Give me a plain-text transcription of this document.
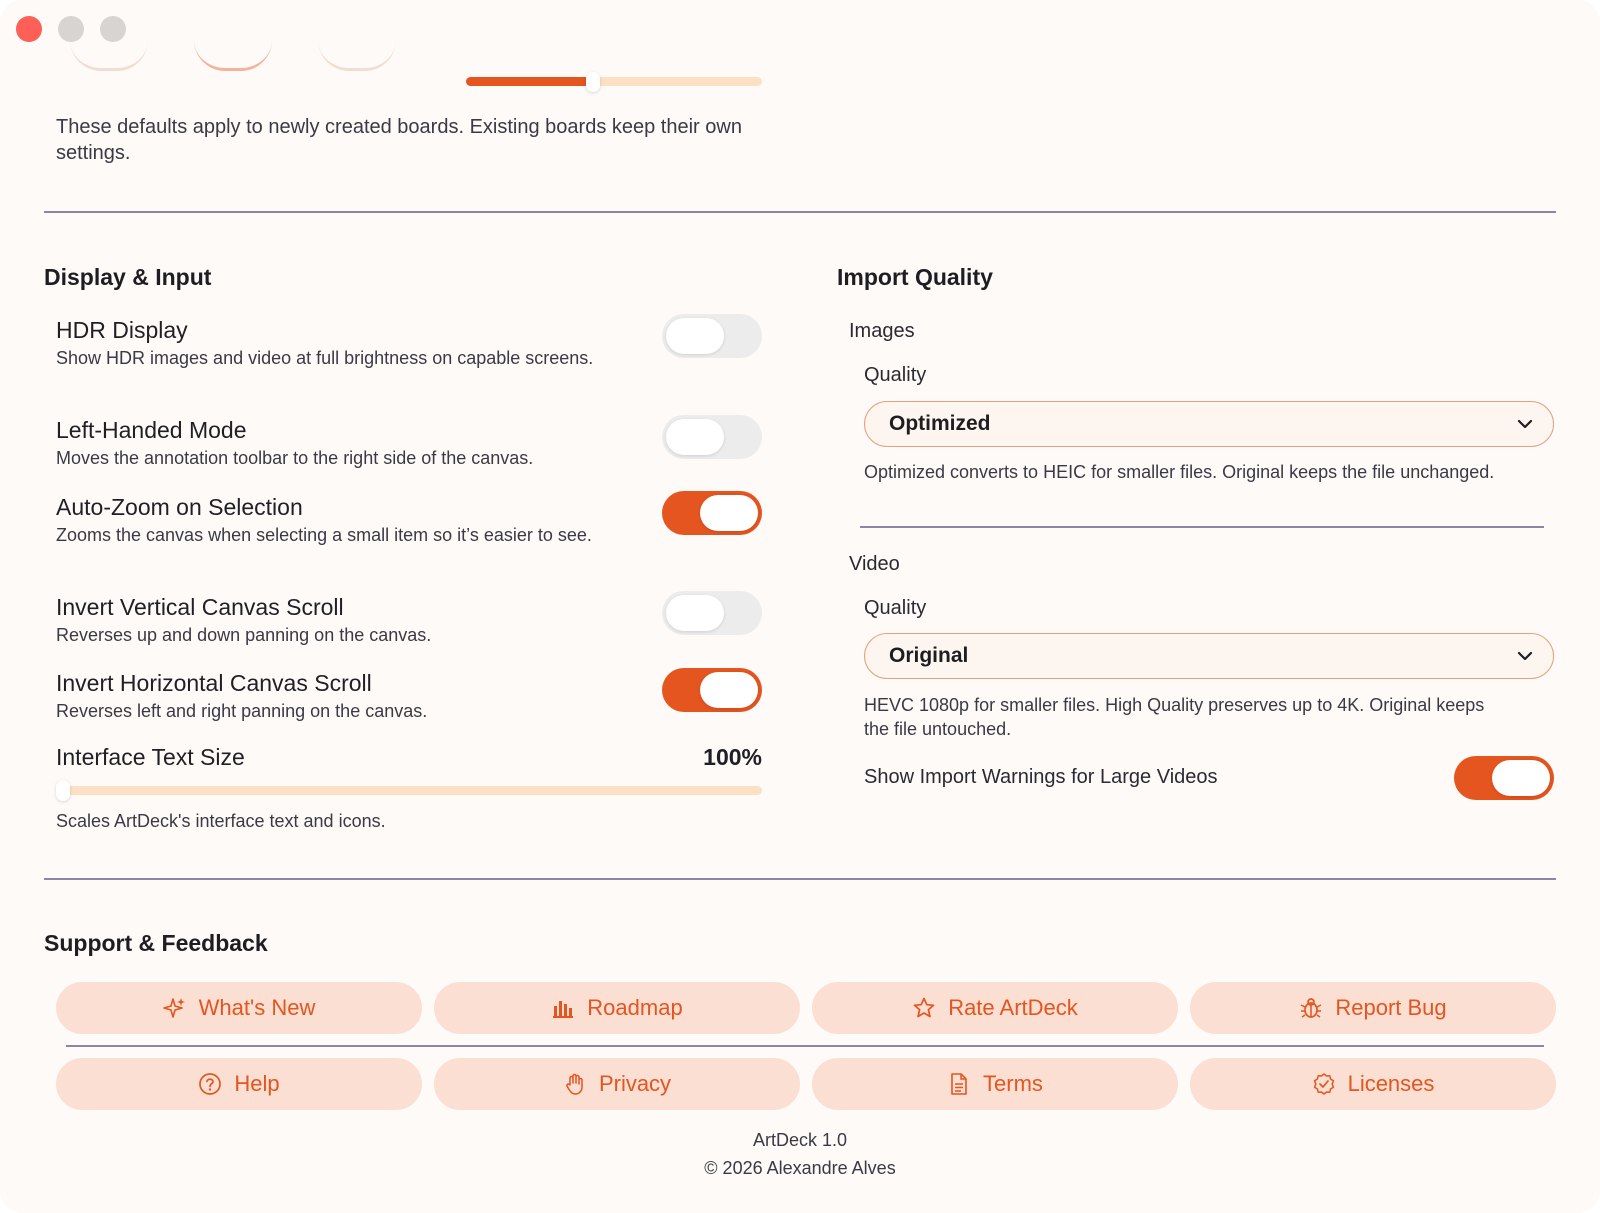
These defaults apply to newly created boards. Existing boards keep their own settings.
Display & Input
HDR Display
Show HDR images and video at full brightness on capable screens.
Left-Handed Mode
Moves the annotation toolbar to the right side of the canvas.
Auto-Zoom on Selection
Zooms the canvas when selecting a small item so it’s easier to see.
Invert Vertical Canvas Scroll
Reverses up and down panning on the canvas.
Invert Horizontal Canvas Scroll
Reverses left and right panning on the canvas.
Interface Text Size	100%
Scales ArtDeck's interface text and icons.
Import Quality
Images
Quality
Optimized
Optimized converts to HEIC for smaller files. Original keeps the file unchanged.
Video
Quality
Original
HEVC 1080p for smaller files. High Quality preserves up to 4K. Original keeps the file untouched.
Show Import Warnings for Large Videos
Support & Feedback
What's New	Roadmap	Rate ArtDeck	Report Bug
Help	Privacy	Terms	Licenses
ArtDeck 1.0
© 2026 Alexandre Alves
